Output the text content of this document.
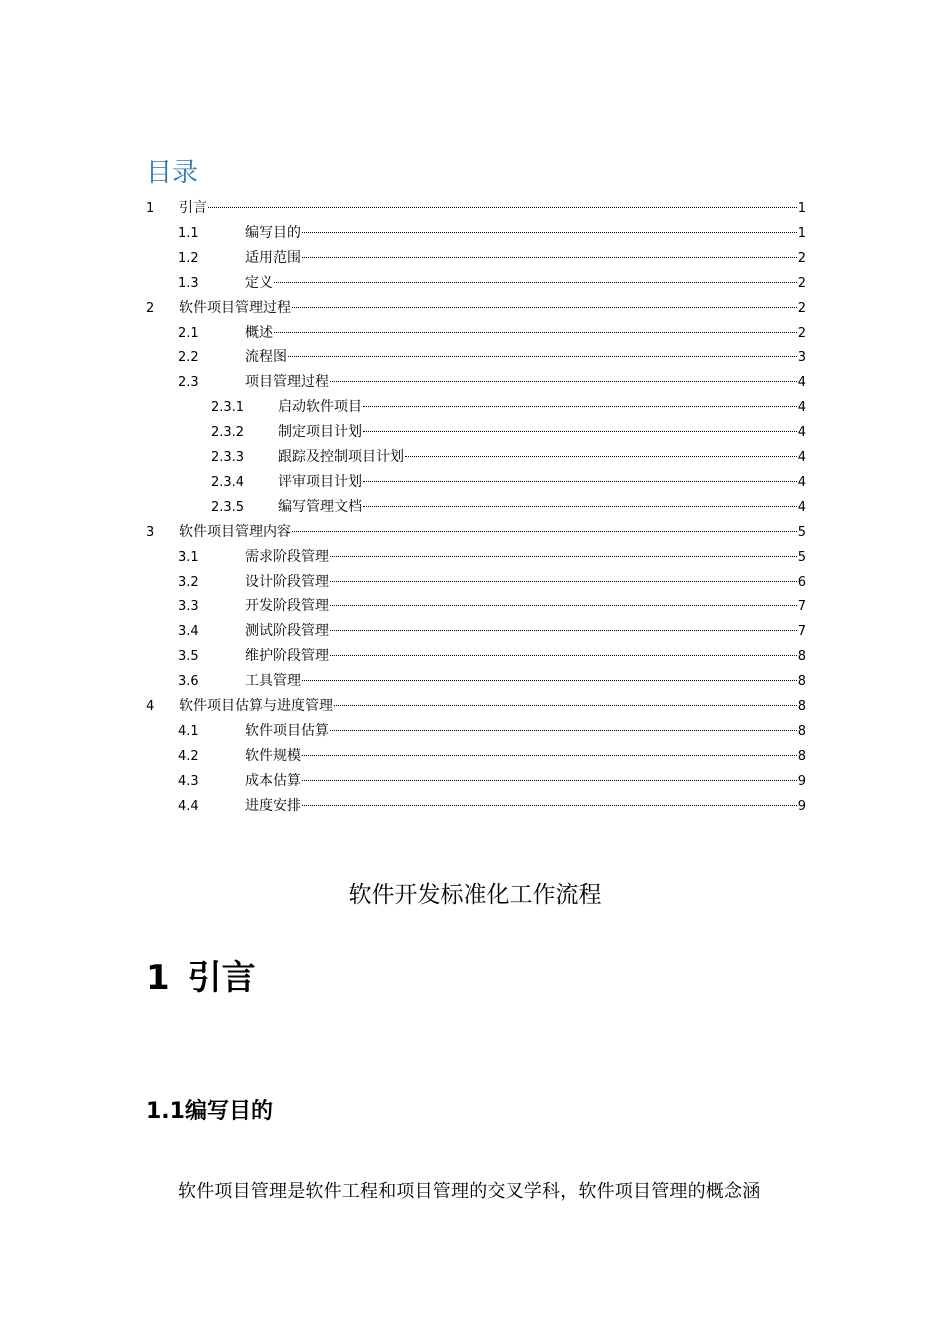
目录
1	引言	1
1.1	编写目的	1
1.2	适用范围	2
1.3	定义	2
2	软件项目管理过程	2
2.1	概述	2
2.2	流程图	3
2.3	项目管理过程	4
2.3.1	启动软件项目	4
2.3.2	制定项目计划	4
2.3.3	跟踪及控制项目计划	4
2.3.4	评审项目计划	4
2.3.5	编写管理文档	4
3	软件项目管理内容	5
3.1	需求阶段管理	5
3.2	设计阶段管理	6
3.3	开发阶段管理	7
3.4	测试阶段管理	7
3.5	维护阶段管理	8
3.6	工具管理	8
4	软件项目估算与进度管理	8
4.1	软件项目估算	8
4.2	软件规模	8
4.3	成本估算	9
4.4	进度安排	9
软件开发标准化工作流程
1 引言
1.1编写目的
软件项目管理是软件工程和项目管理的交叉学科，软件项目管理的概念涵
